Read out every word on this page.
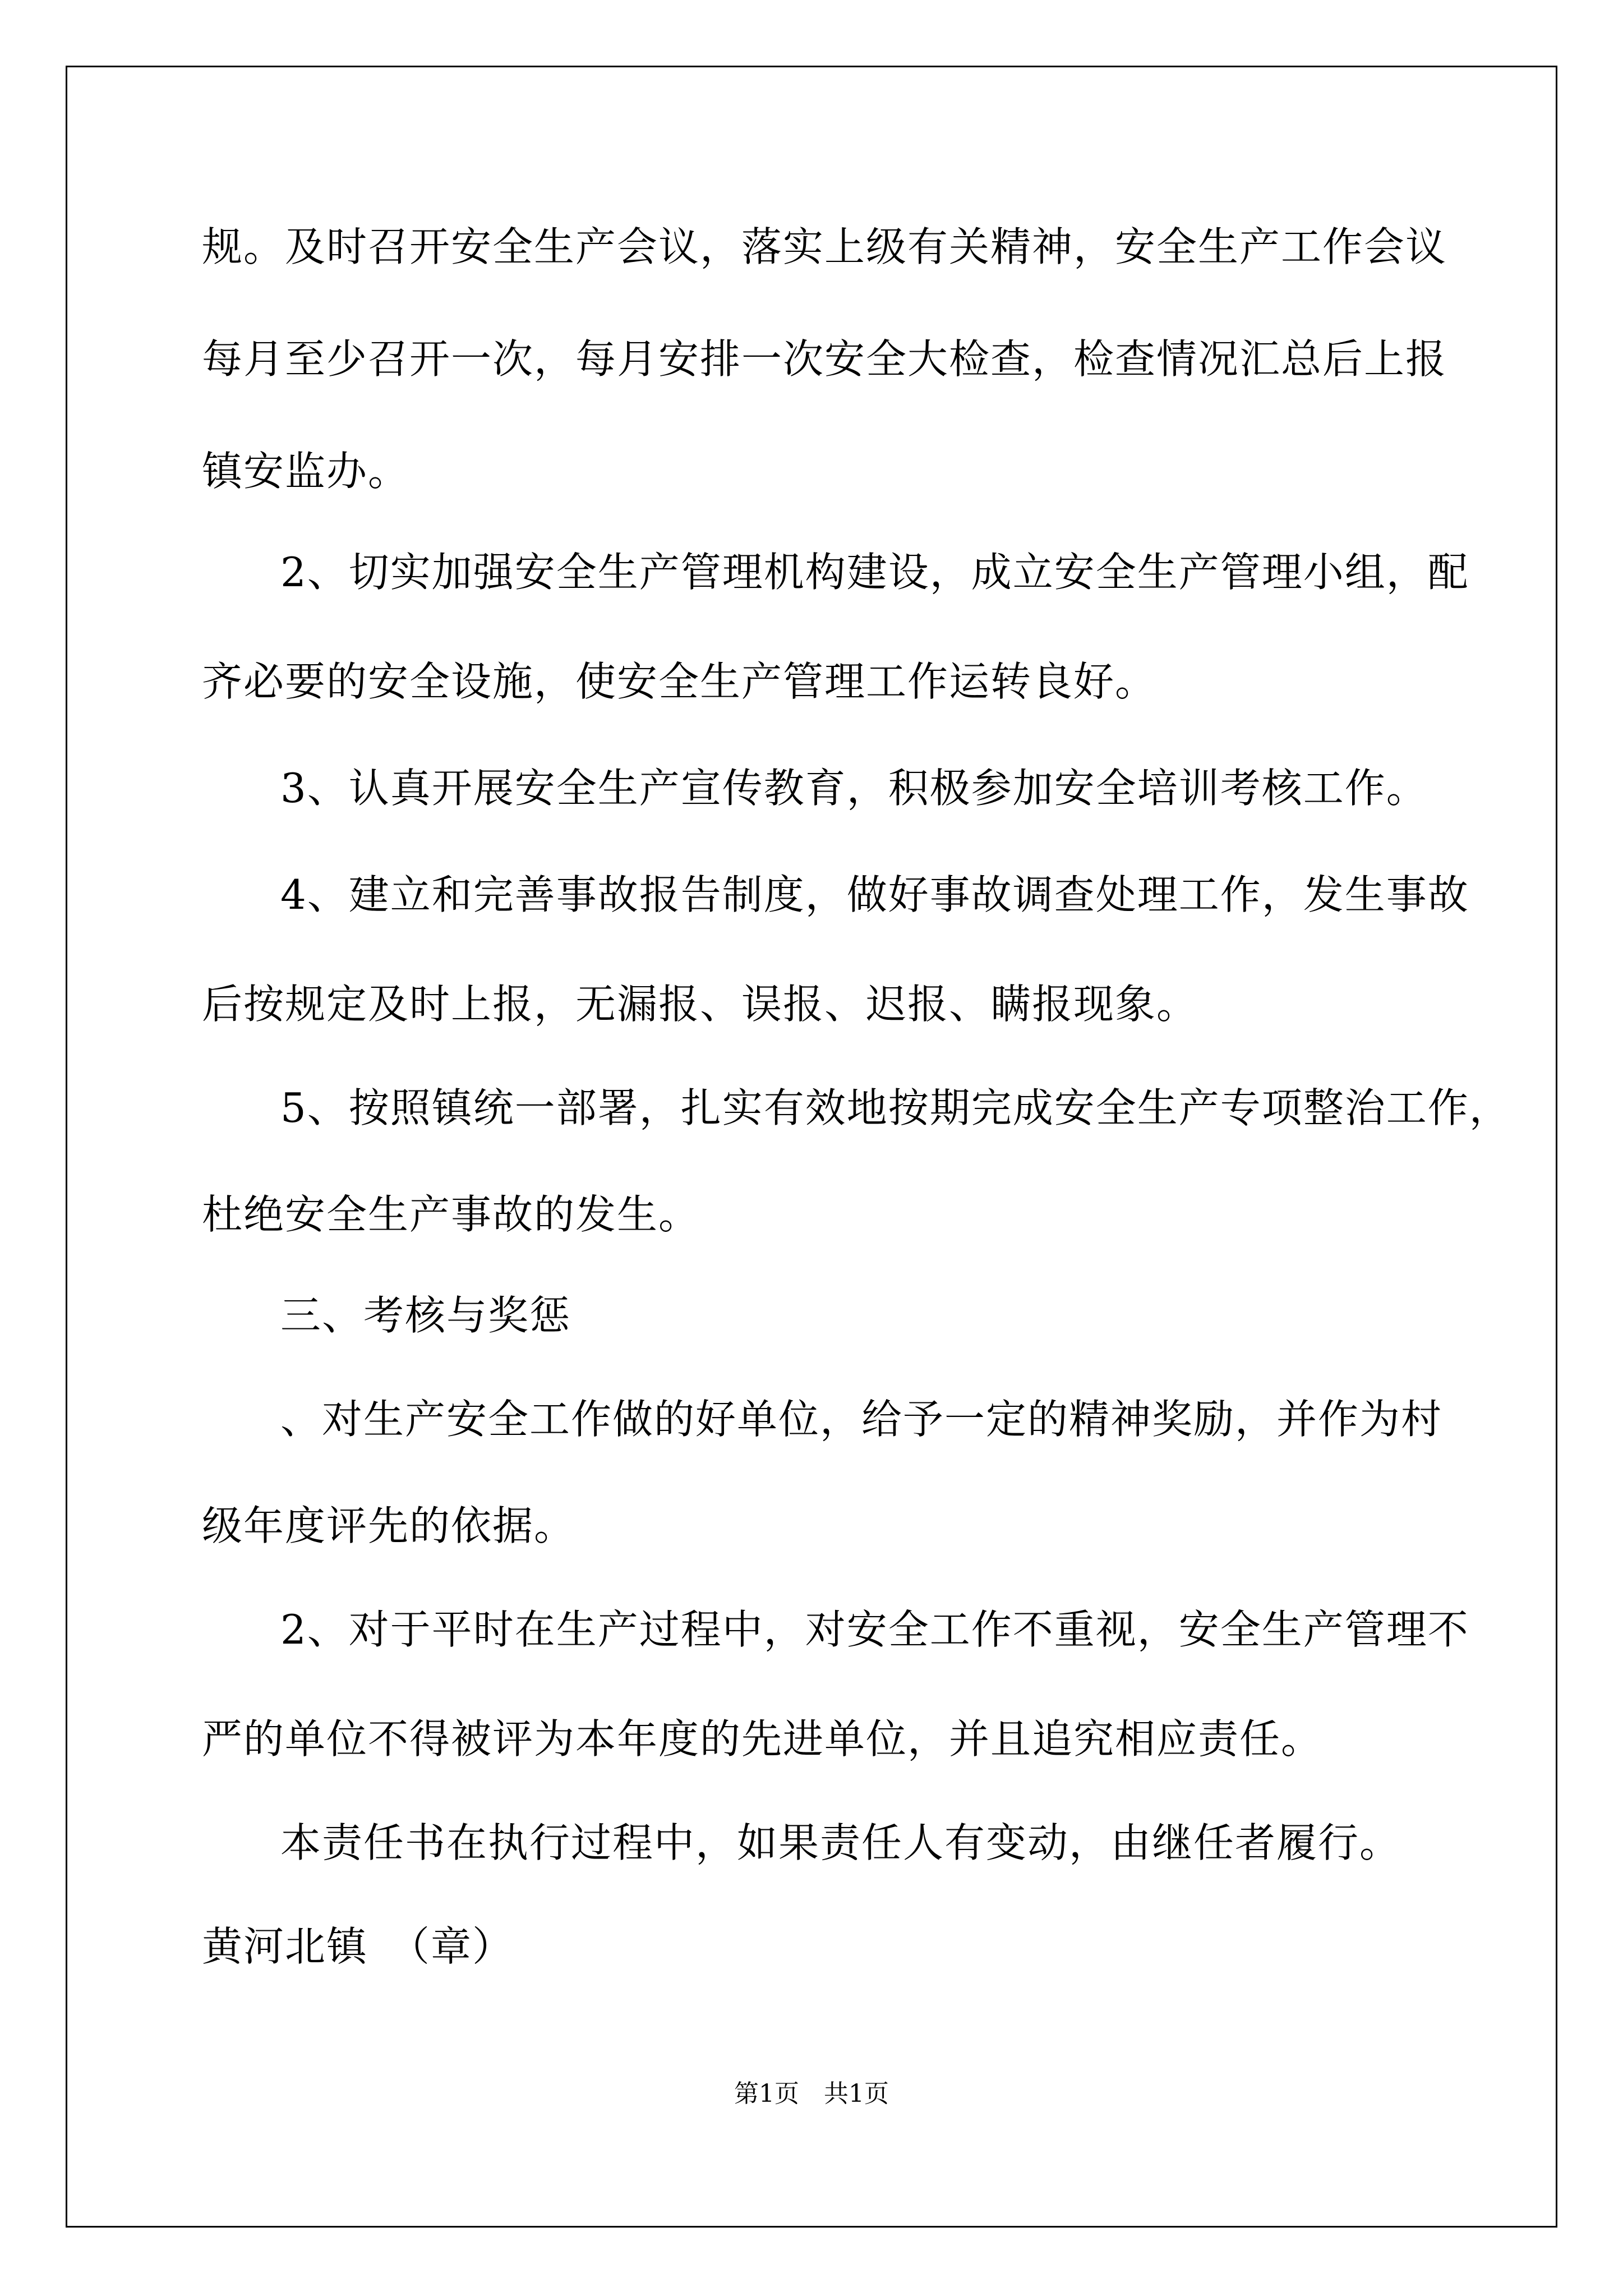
规。及时召开安全生产会议，落实上级有关精神，安全生产工作会议
每月至少召开一次，每月安排一次安全大检查，检查情况汇总后上报
镇安监办。
2、切实加强安全生产管理机构建设，成立安全生产管理小组，配
齐必要的安全设施，使安全生产管理工作运转良好。
3、认真开展安全生产宣传教育，积极参加安全培训考核工作。
4、建立和完善事故报告制度，做好事故调查处理工作，发生事故
后按规定及时上报，无漏报、误报、迟报、瞒报现象。
5、按照镇统一部署，扎实有效地按期完成安全生产专项整治工作，
杜绝安全生产事故的发生。
三、考核与奖惩
、对生产安全工作做的好单位，给予一定的精神奖励，并作为村
级年度评先的依据。
2、对于平时在生产过程中，对安全工作不重视，安全生产管理不
严的单位不得被评为本年度的先进单位，并且追究相应责任。
本责任书在执行过程中，如果责任人有变动，由继任者履行。
黄河北镇　（章）
第1页　共1页
